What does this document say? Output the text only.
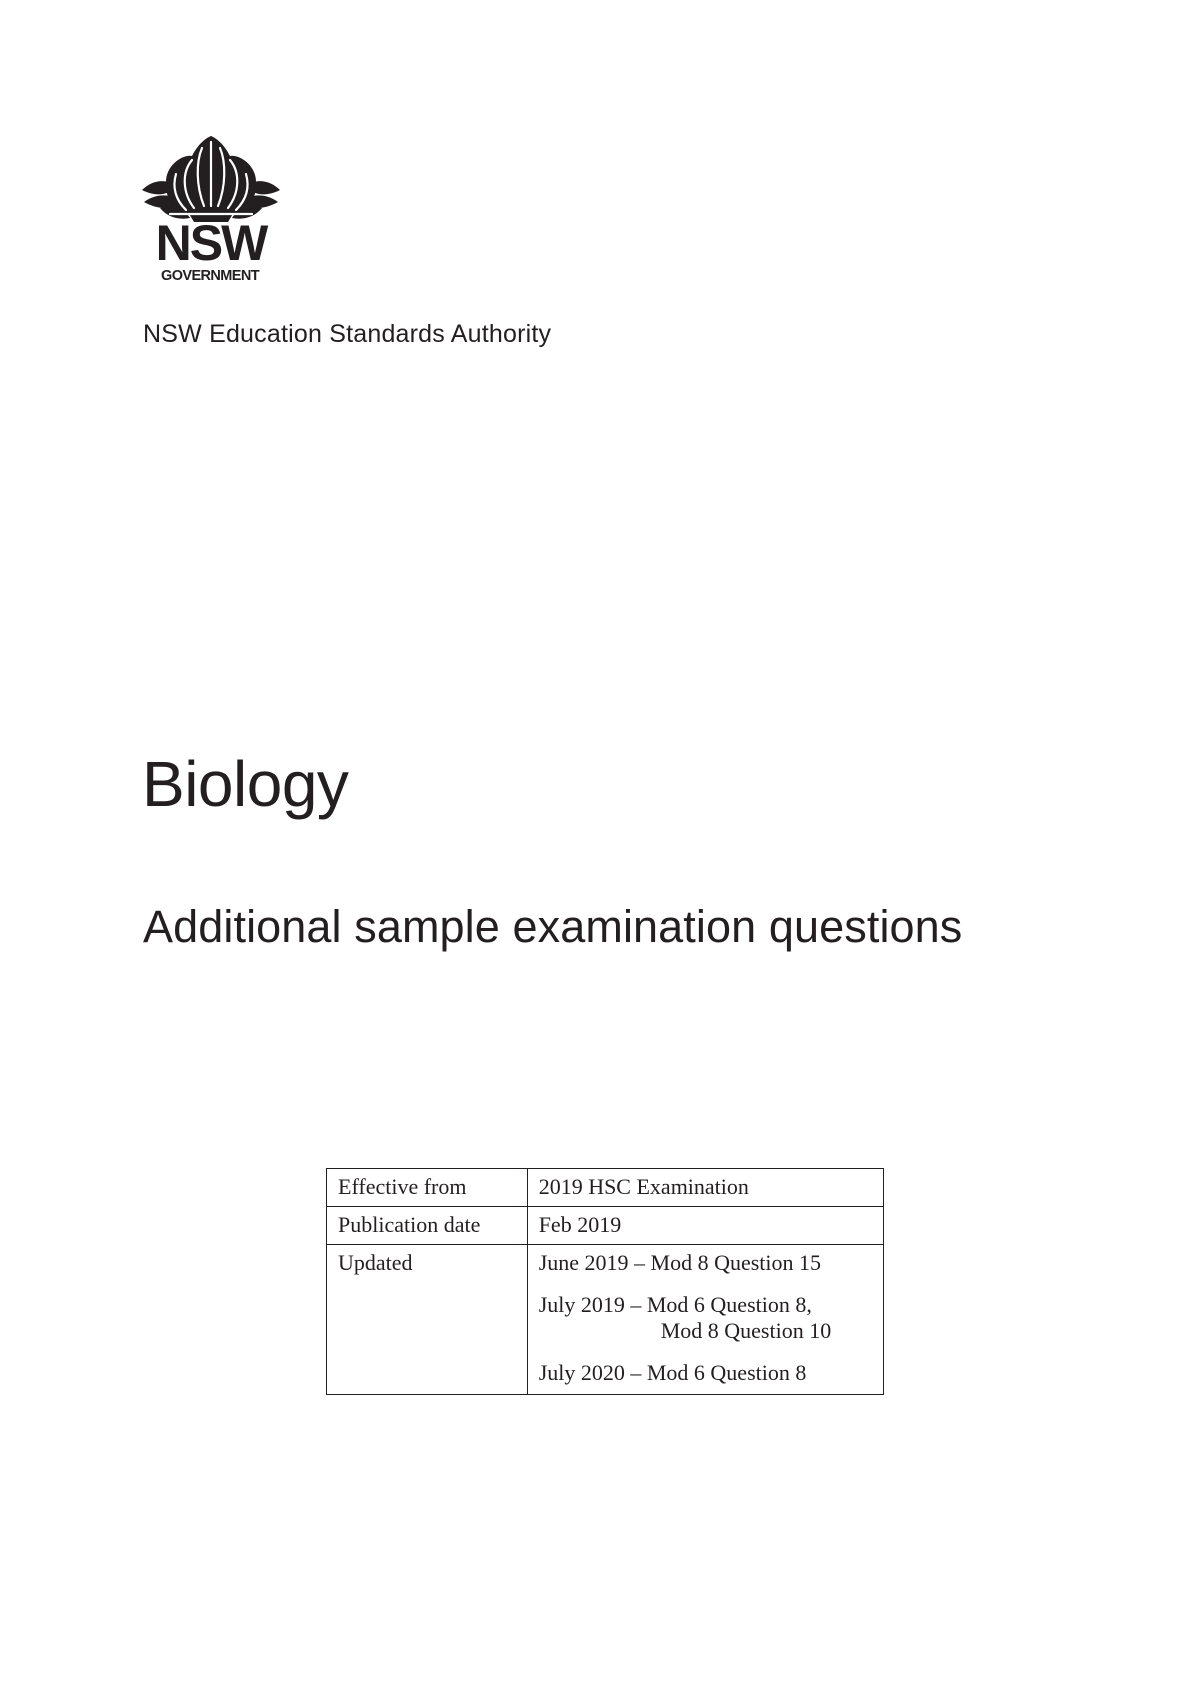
NSW
GOVERNMENT
NSW Education Standards Authority
Biology
Additional sample examination questions
Effective from	2019 HSC Examination
Publication date	Feb 2019
Updated	June 2019 – Mod 8 Question 15
July 2019 – Mod 6 Question 8,
Mod 8 Question 10
July 2020 – Mod 6 Question 8
